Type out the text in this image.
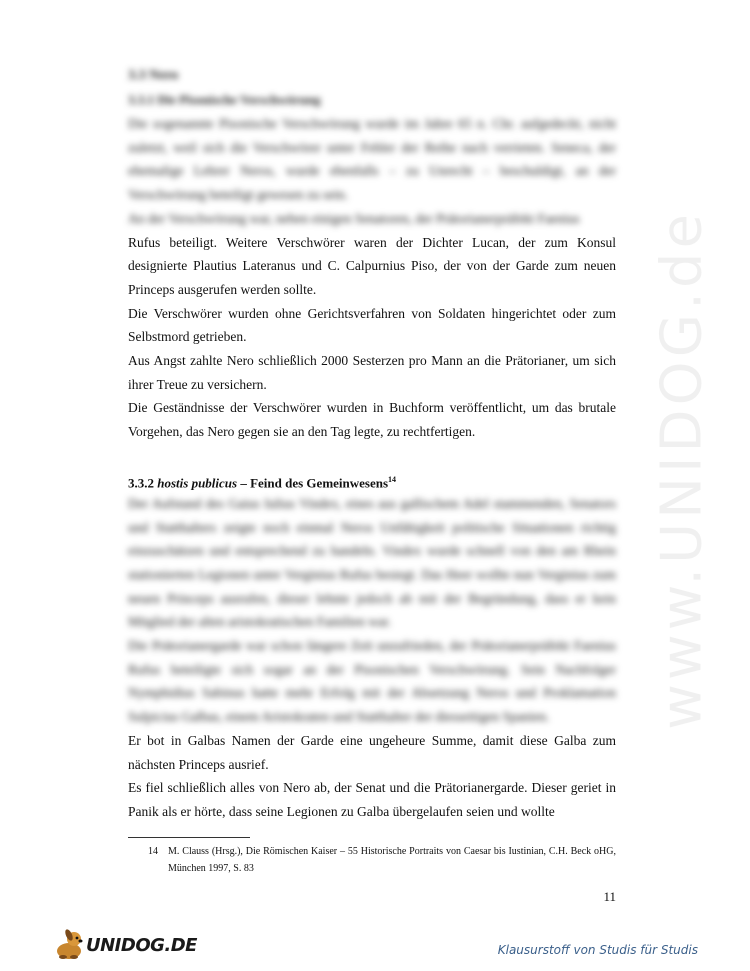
www.UNIDOG.de
3.3 Nero
3.3.1 Die Pisonische Verschwörung

Die sogenannte Pisonische Verschwörung wurde im Jahre 65 n. Chr. aufgedeckt, nicht zuletzt, weil sich die Verschwörer unter Fehler der Reihe nach verrieten. Seneca, der ehemalige Lehrer Neros, wurde ebenfalls – zu Unrecht – beschuldigt, an der Verschwörung beteiligt gewesen zu sein.

An der Verschwörung war, neben einigen Senatoren, der Prätorianerpräfekt Faenius

Rufus beteiligt. Weitere Verschwörer waren der Dichter Lucan, der zum Konsul designierte Plautius Lateranus und C. Calpurnius Piso, der von der Garde zum neuen Princeps ausgerufen werden sollte.

Die Verschwörer wurden ohne Gerichtsverfahren von Soldaten hingerichtet oder zum Selbstmord getrieben.

Aus Angst zahlte Nero schließlich 2000 Sesterzen pro Mann an die Prätorianer, um sich ihrer Treue zu versichern.

Die Geständnisse der Verschwörer wurden in Buchform veröffentlicht, um das brutale Vorgehen, das Nero gegen sie an den Tag legte, zu rechtfertigen.

3.3.2 hostis publicus – Feind des Gemeinwesens$^{14}$

Der Aufstand des Gaius Iulius Vindex, eines aus gallischem Adel stammenden, Senators und Statthalters zeigte noch einmal Neros Unfähigkeit politische Situationen richtig einzuschätzen und entsprechend zu handeln. Vindex wurde schnell von den am Rhein stationierten Legionen unter Verginius Rufus besiegt. Das Heer wollte nun Verginius zum neuen Princeps ausrufen, dieser lehnte jedoch ab mit der Begründung, dass er kein Mitglied der alten aristokratischen Familien war.

Die Prätorianergarde war schon längere Zeit unzufrieden, der Prätorianerpräfekt Faenius Rufus beteiligte sich sogar an der Pisonischen Verschwörung. Sein Nachfolger Nymphidius Sabinus hatte mehr Erfolg mit der Absetzung Neros und Proklamation Sulpicius Galbas, einem Aristokraten und Statthalter der diesseitigen Spanien.

Er bot in Galbas Namen der Garde eine ungeheure Summe, damit diese Galba zum nächsten Princeps ausrief.

Es fiel schließlich alles von Nero ab, der Senat und die Prätorianergarde. Dieser geriet in Panik als er hörte, dass seine Legionen zu Galba übergelaufen seien und wollte

14 M. Clauss (Hrsg.), Die Römischen Kaiser – 55 Historische Portraits von Caesar bis Iustinian, C.H. Beck oHG, München 1997, S. 83
11
UNIDOG.DE	Klausurstoff von Studis für Studis
